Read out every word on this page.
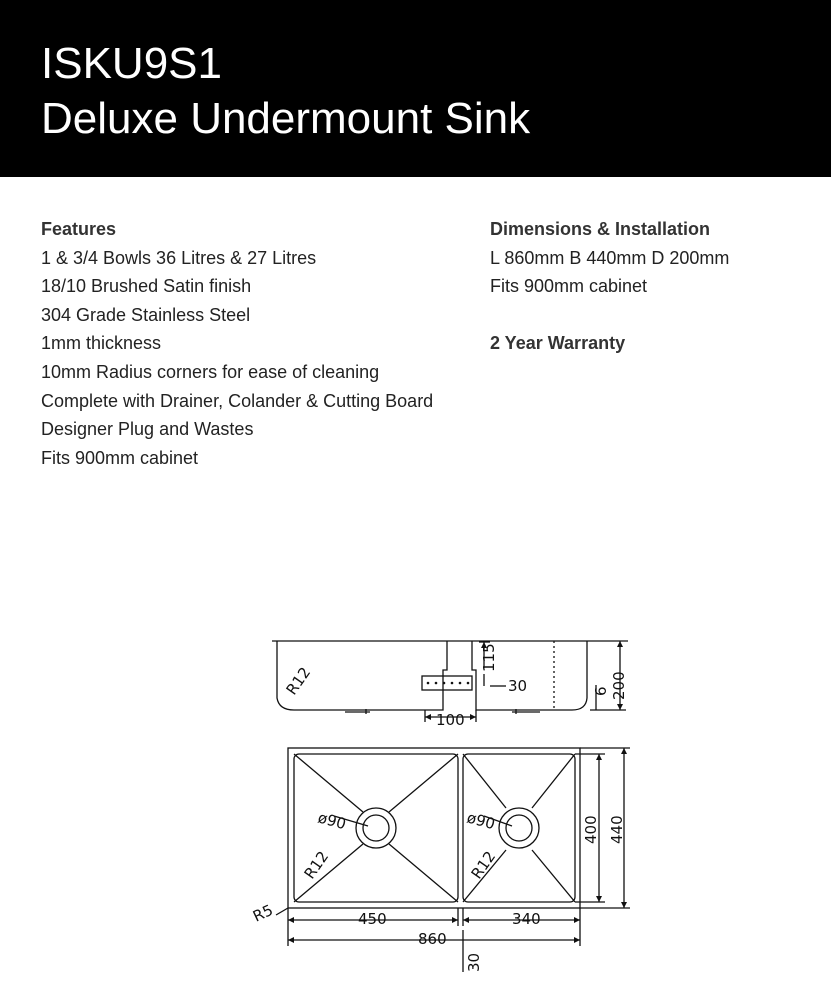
ISKU9S1
Deluxe Undermount Sink
Features
1 & 3/4 Bowls 36 Litres & 27 Litres
18/10 Brushed Satin finish
304 Grade Stainless Steel
1mm thickness
10mm Radius corners for ease of cleaning
Complete with Drainer, Colander & Cutting Board
Designer Plug and Wastes
Fits 900mm cabinet
Dimensions & Installation
L 860mm B 440mm D 200mm
Fits 900mm cabinet
2 Year Warranty
R12
115
30	6 200
100
ø90	ø90
R12	R12
400 440
R5	450	340
860
30
